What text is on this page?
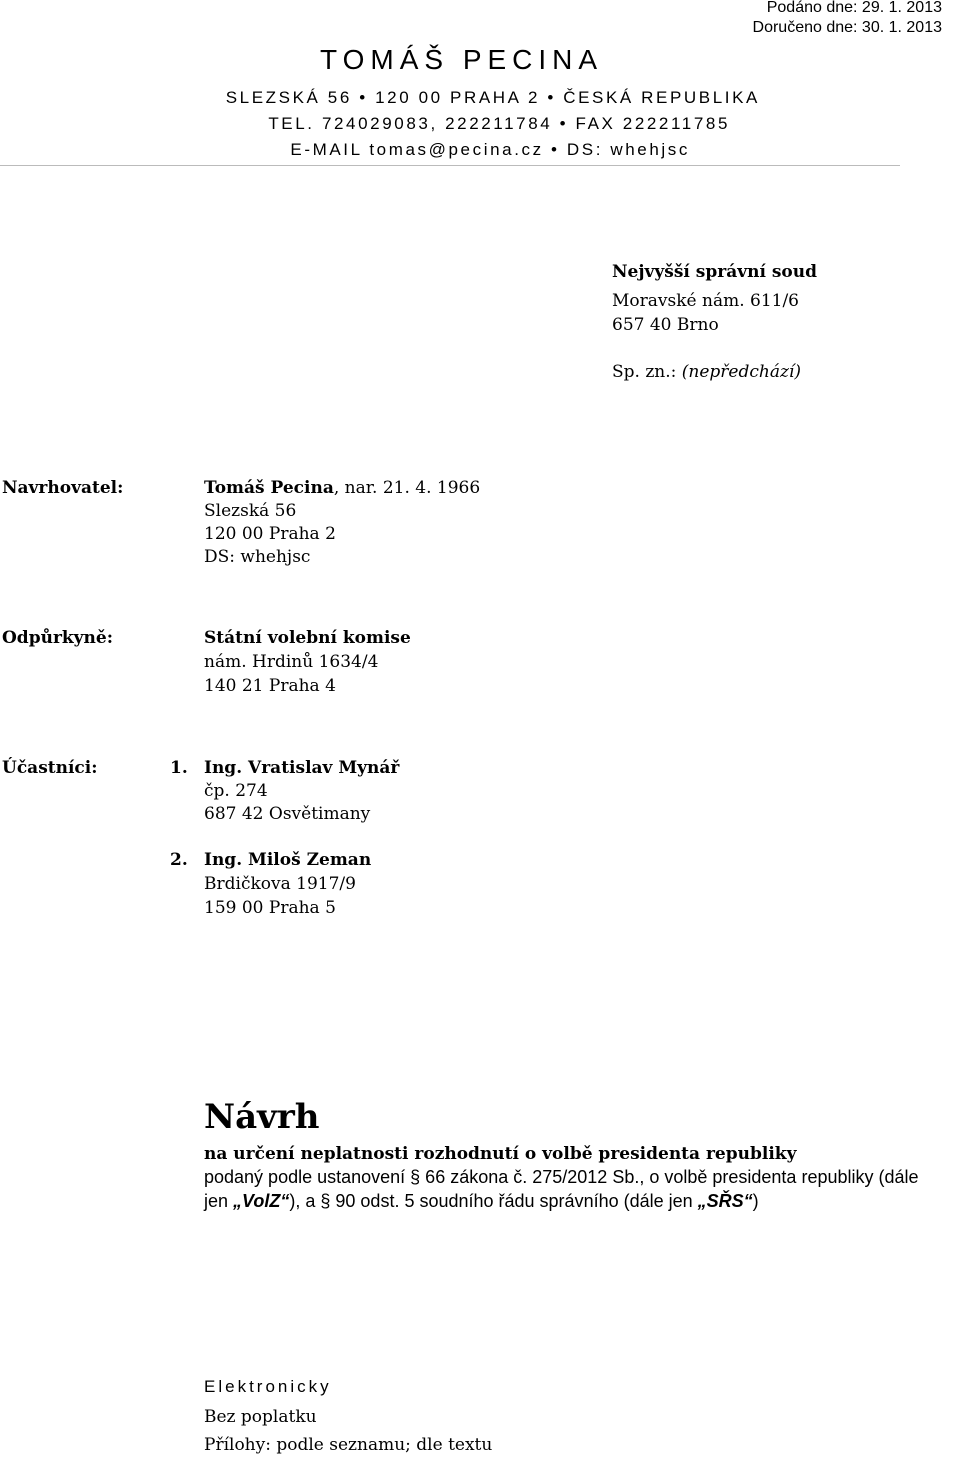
Podáno dne: 29. 1. 2013
Doručeno dne: 30. 1. 2013
TOMÁŠ PECINA
SLEZSKÁ 56 • 120 00 PRAHA 2 • ČESKÁ REPUBLIKA
TEL. 724029083, 222211784 • FAX 222211785
E-MAIL tomas@pecina.cz • DS: whehjsc
Nejvyšší správní soud
Moravské nám. 611/6
657 40 Brno
Sp. zn.: (nepředchází)
Navrhovatel:	Tomáš Pecina, nar. 21. 4. 1966
Slezská 56
120 00 Praha 2
DS: whehjsc
Odpůrkyně:	Státní volební komise
nám. Hrdinů 1634/4
140 21 Praha 4
Účastníci:	1. Ing. Vratislav Mynář
čp. 274
687 42 Osvětimany
2. Ing. Miloš Zeman
Brdičkova 1917/9
159 00 Praha 5
Návrh
na určení neplatnosti rozhodnutí o volbě presidenta republiky
podaný podle ustanovení § 66 zákona č. 275/2012 Sb., o volbě presidenta republiky (dále jen „VolZ“), a § 90 odst. 5 soudního řádu správního (dále jen „SŘS“)
Elektronicky
Bez poplatku
Přílohy: podle seznamu; dle textu
